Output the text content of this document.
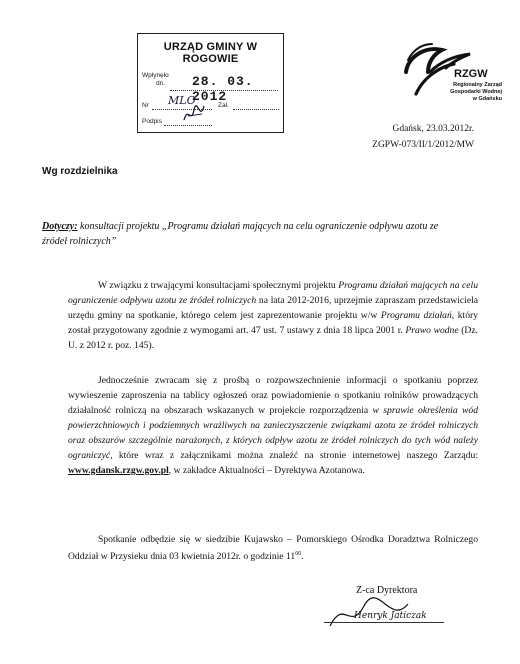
URZĄD GMINY W ROGOWIE
Wpłynęło
dn. 28. 03. 2012
Nr MLO	Zał.
Podpis
RZGW
Regionalny Zarząd
Gospodarki Wodnej
w Gdańsku
Gdańsk, 23.03.2012r.
ZGPW-073/II/1/2012/MW
Wg rozdzielnika
Dotyczy: konsultacji projektu „Programu działań mających na celu ograniczenie odpływu azotu ze źródeł rolniczych”
W związku z trwającymi konsultacjami społecznymi projektu Programu działań mających na celu ograniczenie odpływu azotu ze źródeł rolniczych na lata 2012-2016, uprzejmie zapraszam przedstawiciela urzędu gminy na spotkanie, którego celem jest zaprezentowanie projektu w/w Programu działań, który został przygotowany zgodnie z wymogami art. 47 ust. 7 ustawy z dnia 18 lipca 2001 r. Prawo wodne (Dz. U. z 2012 r. poz. 145).
Jednocześnie zwracam się z prośbą o rozpowszechnienie informacji o spotkaniu poprzez wywieszenie zaproszenia na tablicy ogłoszeń oraz powiadomienie o spotkaniu rolników prowadzących działalność rolniczą na obszarach wskazanych w projekcie rozporządzenia w sprawie określenia wód powierzchniowych i podziemnych wrażliwych na zanieczyszczenie związkami azotu ze źródeł rolniczych oraz obszarów szczególnie narażonych, z których odpływ azotu ze źródeł rolniczych do tych wód należy ograniczyć, które wraz z załącznikami można znaleźć na stronie internetowej naszego Zarządu: www.gdansk.rzgw.gov.pl, w zakładce Aktualności – Dyrektywa Azotanowa.
Spotkanie odbędzie się w siedzibie Kujawsko – Pomorskiego Ośrodka Doradztwa Rolniczego Oddział w Przysieku dnia 03 kwietnia 2012r. o godzinie $11^{00}$.
Z-ca Dyrektora
Henryk Jaticzak
